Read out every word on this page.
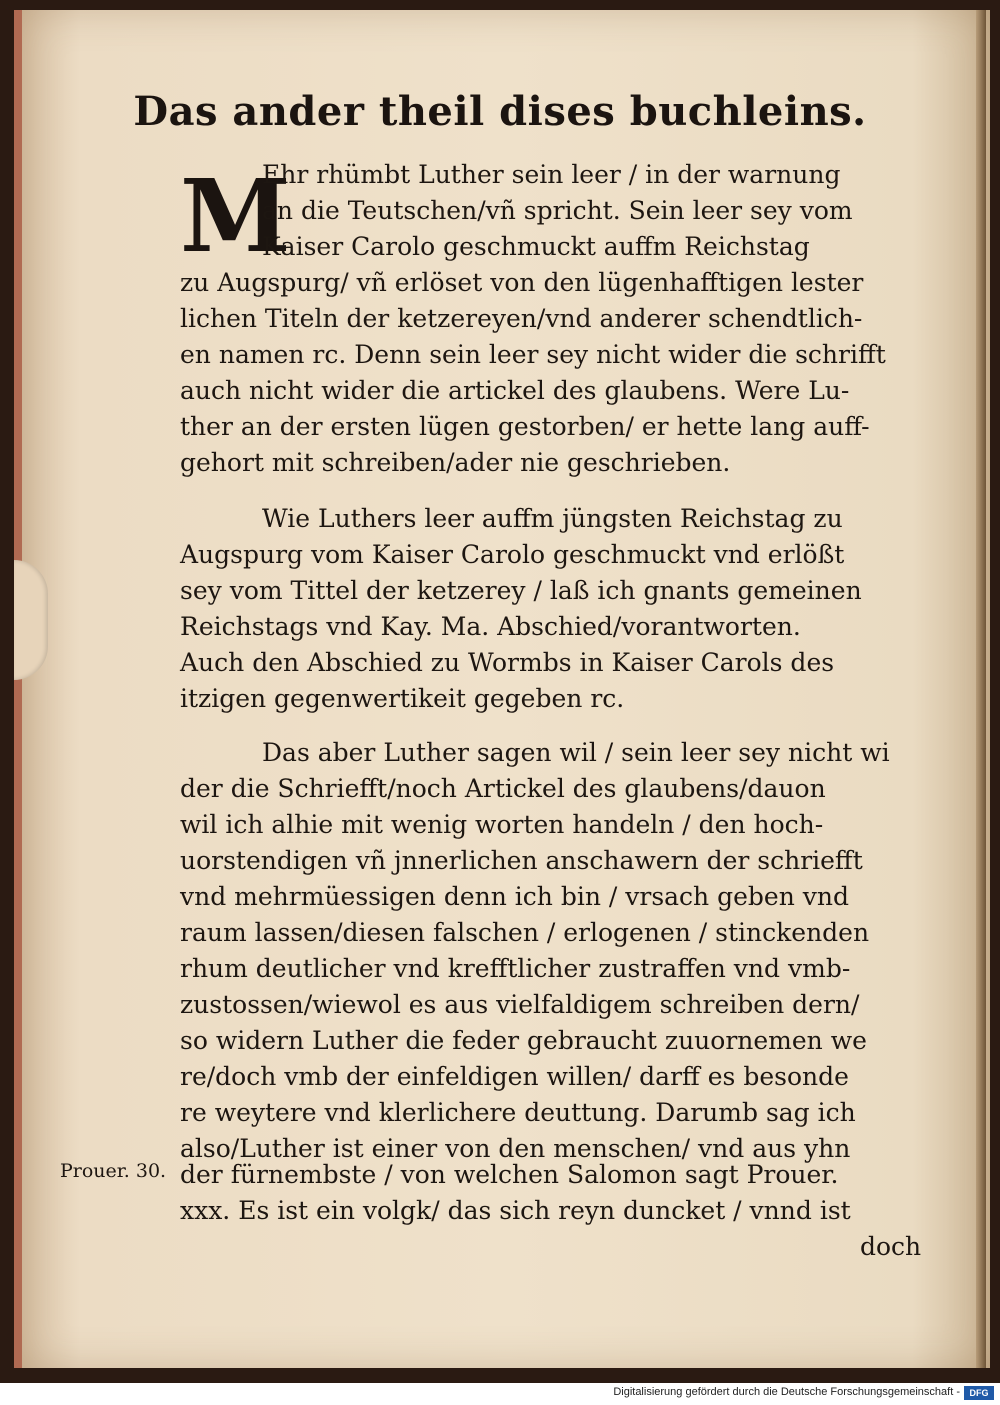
Das ander theil dises buchleins.
M
Ehr rhümbt Luther sein leer / in der warnung
an die Teutschen/vñ spricht. Sein leer sey vom
Kaiser Carolo geschmuckt auffm Reichstag
zu Augspurg/ vñ erlöset von den lügenhafftigen lester
lichen Titeln der ketzereyen/vnd anderer schendtlich-
en namen rc. Denn sein leer sey nicht wider die schrifft
auch nicht wider die artickel des glaubens. Were Lu-
ther an der ersten lügen gestorben/ er hette lang auff-
gehort mit schreiben/ader nie geschrieben.
Wie Luthers leer auffm jüngsten Reichstag zu
Augspurg vom Kaiser Carolo geschmuckt vnd erlößt
sey vom Tittel der ketzerey / laß ich gnants gemeinen
Reichstags vnd Kay. Ma. Abschied/vorantworten.
Auch den Abschied zu Wormbs in Kaiser Carols des
itzigen gegenwertikeit gegeben rc.
Das aber Luther sagen wil / sein leer sey nicht wi
der die Schriefft/noch Artickel des glaubens/dauon
wil ich alhie mit wenig worten handeln / den hoch-
uorstendigen vñ jnnerlichen anschawern der schriefft
vnd mehrmüessigen denn ich bin / vrsach geben vnd
raum lassen/diesen falschen / erlogenen / stinckenden
rhum deutlicher vnd krefftlicher zustraffen vnd vmb-
zustossen/wiewol es aus vielfaldigem schreiben dern/
so widern Luther die feder gebraucht zuuornemen we
re/doch vmb der einfeldigen willen/ darff es besonde
re weytere vnd klerlichere deuttung. Darumb sag ich
also/Luther ist einer von den menschen/ vnd aus yhn
der fürnembste / von welchen Salomon sagt Prouer.
xxx. Es ist ein volgk/ das sich reyn duncket / vnnd ist
doch
Prouer. 30.
Digitalisierung gefördert durch die Deutsche Forschungsgemeinschaft -	DFG
